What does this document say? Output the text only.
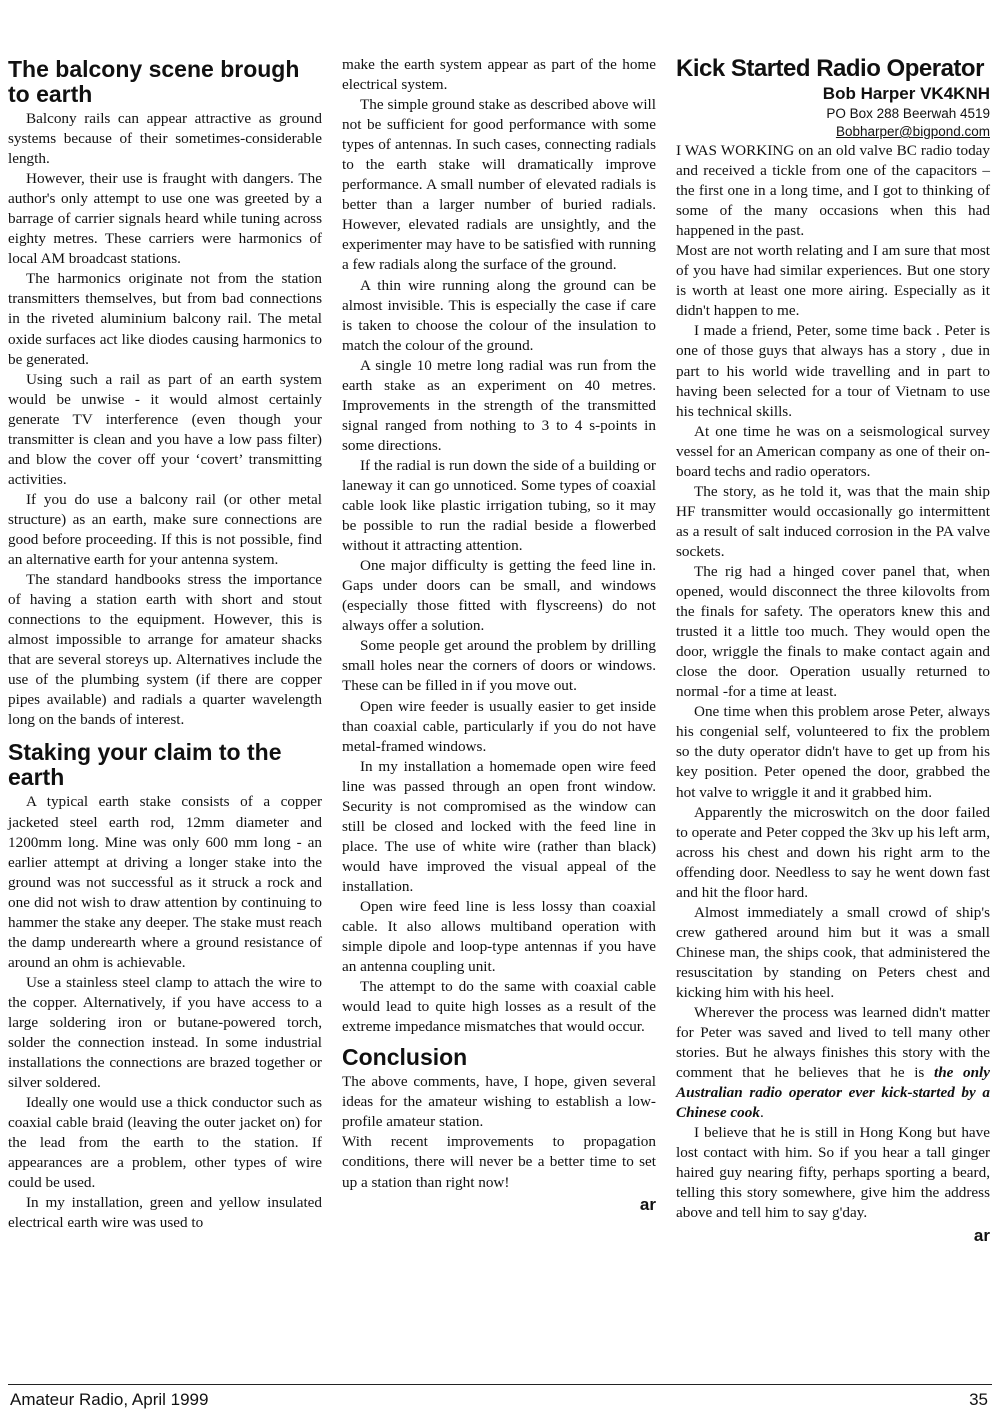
The balcony scene brough to earth

Balcony rails can appear attractive as ground systems because of their sometimes-considerable length.

However, their use is fraught with dangers. The author's only attempt to use one was greeted by a barrage of carrier signals heard while tuning across eighty metres. These carriers were harmonics of local AM broadcast stations.

The harmonics originate not from the station transmitters themselves, but from bad connections in the riveted aluminium balcony rail. The metal oxide surfaces act like diodes causing harmonics to be generated.

Using such a rail as part of an earth system would be unwise - it would almost certainly generate TV interference (even though your transmitter is clean and you have a low pass filter) and blow the cover off your ‘covert’ transmitting activities.

If you do use a balcony rail (or other metal structure) as an earth, make sure connections are good before proceeding. If this is not possible, find an alternative earth for your antenna system.

The standard handbooks stress the importance of having a station earth with short and stout connections to the equipment. However, this is almost impossible to arrange for amateur shacks that are several storeys up. Alternatives include the use of the plumbing system (if there are copper pipes available) and radials a quarter wavelength long on the bands of interest.

Staking your claim to the earth

A typical earth stake consists of a copper jacketed steel earth rod, 12mm diameter and 1200mm long. Mine was only 600 mm long - an earlier attempt at driving a longer stake into the ground was not successful as it struck a rock and one did not wish to draw attention by continuing to hammer the stake any deeper. The stake must reach the damp underearth where a ground resistance of around an ohm is achievable.

Use a stainless steel clamp to attach the wire to the copper. Alternatively, if you have access to a large soldering iron or butane-powered torch, solder the connection instead. In some industrial installations the connections are brazed together or silver soldered.

Ideally one would use a thick conductor such as coaxial cable braid (leaving the outer jacket on) for the lead from the earth to the station. If appearances are a problem, other types of wire could be used.

In my installation, green and yellow insulated electrical earth wire was used to

make the earth system appear as part of the home electrical system.

The simple ground stake as described above will not be sufficient for good performance with some types of antennas. In such cases, connecting radials to the earth stake will dramatically improve performance. A small number of elevated radials is better than a larger number of buried radials. However, elevated radials are unsightly, and the experimenter may have to be satisfied with running a few radials along the surface of the ground.

A thin wire running along the ground can be almost invisible. This is especially the case if care is taken to choose the colour of the insulation to match the colour of the ground.

A single 10 metre long radial was run from the earth stake as an experiment on 40 metres. Improvements in the strength of the transmitted signal ranged from nothing to 3 to 4 s-points in some directions.

If the radial is run down the side of a building or laneway it can go unnoticed. Some types of coaxial cable look like plastic irrigation tubing, so it may be possible to run the radial beside a flowerbed without it attracting attention.

One major difficulty is getting the feed line in. Gaps under doors can be small, and windows (especially those fitted with flyscreens) do not always offer a solution.

Some people get around the problem by drilling small holes near the corners of doors or windows. These can be filled in if you move out.

Open wire feeder is usually easier to get inside than coaxial cable, particularly if you do not have metal-framed windows.

In my installation a homemade open wire feed line was passed through an open front window. Security is not compromised as the window can still be closed and locked with the feed line in place. The use of white wire (rather than black) would have improved the visual appeal of the installation.

Open wire feed line is less lossy than coaxial cable. It also allows multiband operation with simple dipole and loop-type antennas if you have an antenna coupling unit.

The attempt to do the same with coaxial cable would lead to quite high losses as a result of the extreme impedance mismatches that would occur.

Conclusion

The above comments, have, I hope, given several ideas for the amateur wishing to establish a low-profile amateur station.

With recent improvements to propagation conditions, there will never be a better time to set up a station than right now!

ar
Kick Started Radio Operator
Bob Harper VK4KNH
PO Box 288 Beerwah 4519
Bobharper@bigpond.com

I WAS WORKING on an old valve BC radio today and received a tickle from one of the capacitors – the first one in a long time, and I got to thinking of some of the many occasions when this had happened in the past.

Most are not worth relating and I am sure that most of you have had similar experiences. But one story is worth at least one more airing. Especially as it didn't happen to me.

I made a friend, Peter, some time back . Peter is one of those guys that always has a story , due in part to his world wide travelling and in part to having been selected for a tour of Vietnam to use his technical skills.

At one time he was on a seismological survey vessel for an American company as one of their on-board techs and radio operators.

The story, as he told it, was that the main ship HF transmitter would occasionally go intermittent as a result of salt induced corrosion in the PA valve sockets.

The rig had a hinged cover panel that, when opened, would disconnect the three kilovolts from the finals for safety. The operators knew this and trusted it a little too much. They would open the door, wriggle the finals to make contact again and close the door. Operation usually returned to normal -for a time at least.

One time when this problem arose Peter, always his congenial self, volunteered to fix the problem so the duty operator didn't have to get up from his key position. Peter opened the door, grabbed the hot valve to wriggle it and it grabbed him.

Apparently the microswitch on the door failed to operate and Peter copped the 3kv up his left arm, across his chest and down his right arm to the offending door. Needless to say he went down fast and hit the floor hard.

Almost immediately a small crowd of ship's crew gathered around him but it was a small Chinese man, the ships cook, that administered the resuscitation by standing on Peters chest and kicking him with his heel.

Wherever the process was learned didn't matter for Peter was saved and lived to tell many other stories. But he always finishes this story with the comment that he believes that he is the only Australian radio operator ever kick-started by a Chinese cook.

I believe that he is still in Hong Kong but have lost contact with him. So if you hear a tall ginger haired guy nearing fifty, perhaps sporting a beard, telling this story somewhere, give him the address above and tell him to say g'day.

ar
Amateur Radio, April 1999	35
